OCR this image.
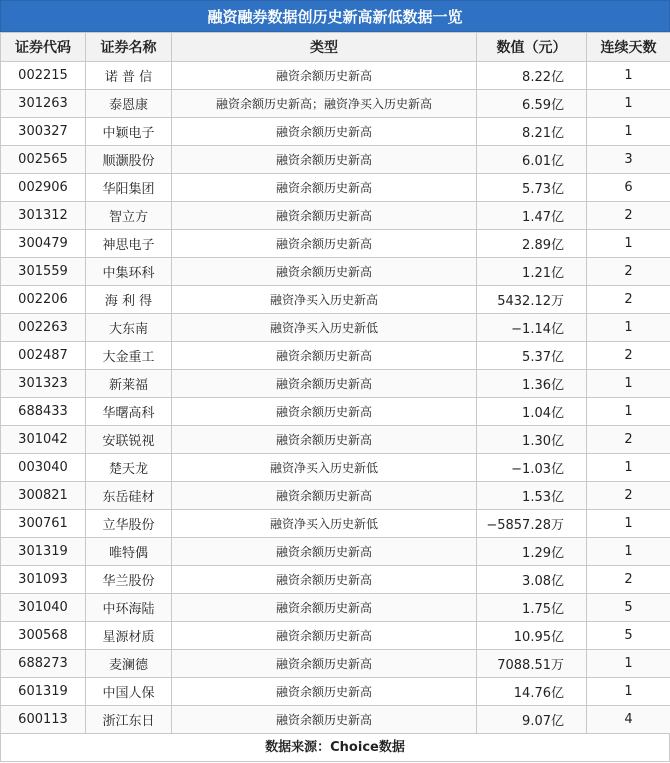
融资融券数据创历史新高新低数据一览
证券代码	证券名称	类型	数值（元）	连续天数
002215	诺 普 信	融资余额历史新高	8.22亿	1
301263	泰恩康	融资余额历史新高；融资净买入历史新高	6.59亿	1
300327	中颖电子	融资余额历史新高	8.21亿	1
002565	顺灏股份	融资余额历史新高	6.01亿	3
002906	华阳集团	融资余额历史新高	5.73亿	6
301312	智立方	融资余额历史新高	1.47亿	2
300479	神思电子	融资余额历史新高	2.89亿	1
301559	中集环科	融资余额历史新高	1.21亿	2
002206	海 利 得	融资净买入历史新高	5432.12万	2
002263	大东南	融资净买入历史新低	−1.14亿	1
002487	大金重工	融资余额历史新高	5.37亿	2
301323	新莱福	融资余额历史新高	1.36亿	1
688433	华曙高科	融资余额历史新高	1.04亿	1
301042	安联锐视	融资余额历史新高	1.30亿	2
003040	楚天龙	融资净买入历史新低	−1.03亿	1
300821	东岳硅材	融资余额历史新高	1.53亿	2
300761	立华股份	融资净买入历史新低	−5857.28万	1
301319	唯特偶	融资余额历史新高	1.29亿	1
301093	华兰股份	融资余额历史新高	3.08亿	2
301040	中环海陆	融资余额历史新高	1.75亿	5
300568	星源材质	融资余额历史新高	10.95亿	5
688273	麦澜德	融资余额历史新高	7088.51万	1
601319	中国人保	融资余额历史新高	14.76亿	1
600113	浙江东日	融资余额历史新高	9.07亿	4
数据来源：Choice数据
